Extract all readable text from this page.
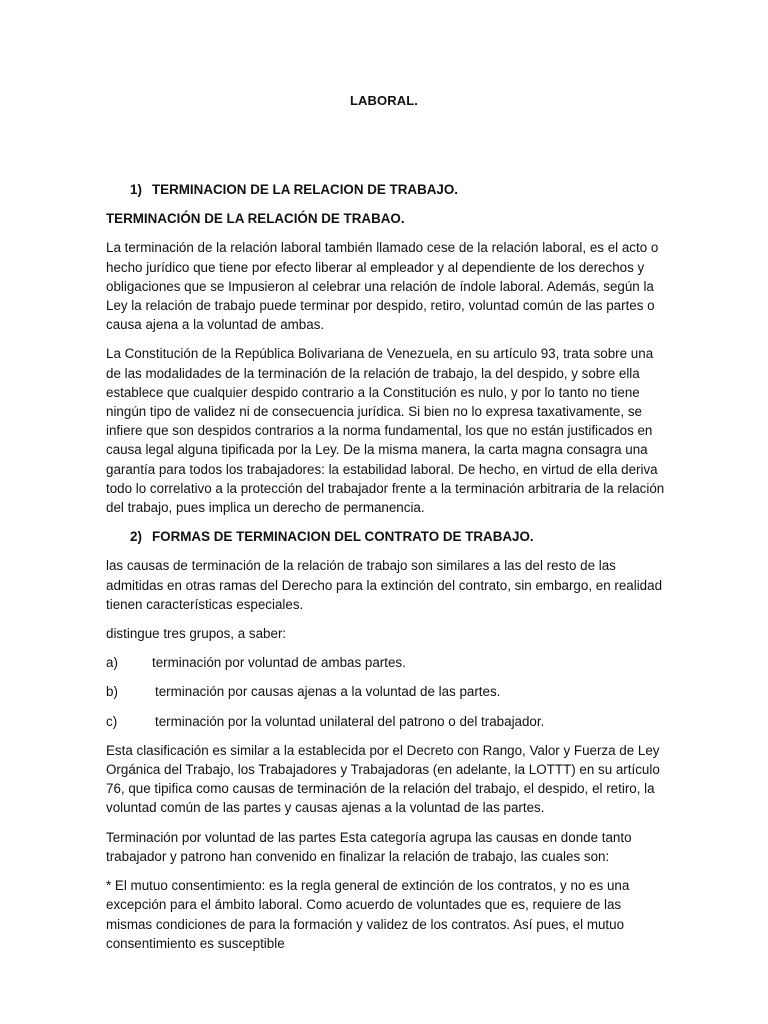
LABORAL.
1) TERMINACION DE LA RELACION DE TRABAJO.
TERMINACIÓN DE LA RELACIÓN DE TRABAO.

La terminación de la relación laboral también llamado cese de la relación laboral, es el acto o hecho jurídico que tiene por efecto liberar al empleador y al dependiente de los derechos y obligaciones que se Impusieron al celebrar una relación de índole laboral. Además, según la Ley la relación de trabajo puede terminar por despido, retiro, voluntad común de las partes o causa ajena a la voluntad de ambas.

La Constitución de la República Bolivariana de Venezuela, en su artículo 93, trata sobre una de las modalidades de la terminación de la relación de trabajo, la del despido, y sobre ella establece que cualquier despido contrario a la Constitución es nulo, y por lo tanto no tiene ningún tipo de validez ni de consecuencia jurídica. Si bien no lo expresa taxativamente, se infiere que son despidos contrarios a la norma fundamental, los que no están justificados en causa legal alguna tipificada por la Ley. De la misma manera, la carta magna consagra una garantía para todos los trabajadores: la estabilidad laboral. De hecho, en virtud de ella deriva todo lo correlativo a la protección del trabajador frente a la terminación arbitraria de la relación del trabajo, pues implica un derecho de permanencia.

2) FORMAS DE TERMINACION DEL CONTRATO DE TRABAJO.

las causas de terminación de la relación de trabajo son similares a las del resto de las admitidas en otras ramas del Derecho para la extinción del contrato, sin embargo, en realidad tienen características especiales.

distingue tres grupos, a saber:

a)	terminación por voluntad de ambas partes.
b)	terminación por causas ajenas a la voluntad de las partes.
c)	terminación por la voluntad unilateral del patrono o del trabajador.

Esta clasificación es similar a la establecida por el Decreto con Rango, Valor y Fuerza de Ley Orgánica del Trabajo, los Trabajadores y Trabajadoras (en adelante, la LOTTT) en su artículo 76, que tipifica como causas de terminación de la relación del trabajo, el despido, el retiro, la voluntad común de las partes y causas ajenas a la voluntad de las partes.

Terminación por voluntad de las partes Esta categoría agrupa las causas en donde tanto trabajador y patrono han convenido en finalizar la relación de trabajo, las cuales son:

* El mutuo consentimiento: es la regla general de extinción de los contratos, y no es una excepción para el ámbito laboral. Como acuerdo de voluntades que es, requiere de las mismas condiciones de para la formación y validez de los contratos. Así pues, el mutuo consentimiento es susceptible
